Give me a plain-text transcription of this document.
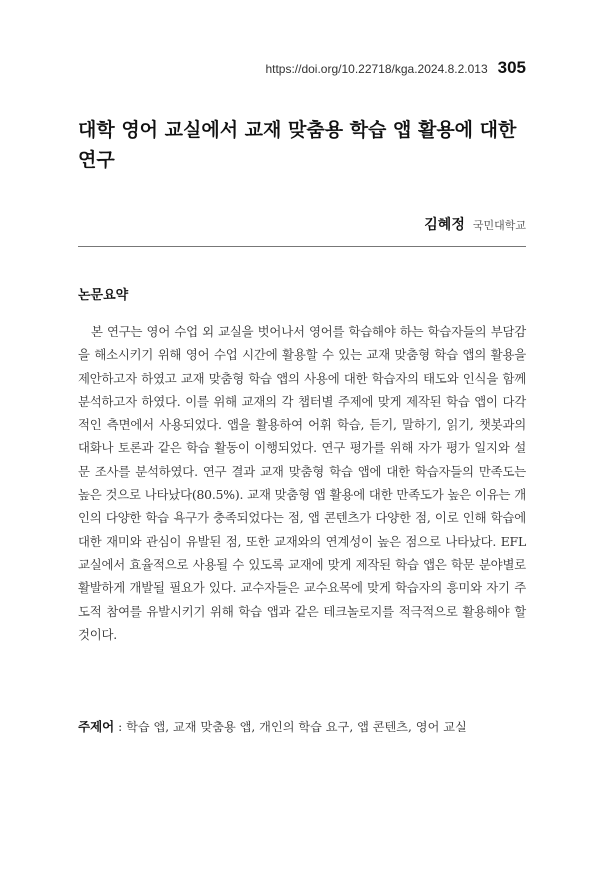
https://doi.org/10.22718/kga.2024.8.2.013 305
대학 영어 교실에서 교재 맞춤용 학습 앱 활용에 대한 연구
김혜정 국민대학교
논문요약

본 연구는 영어 수업 외 교실을 벗어나서 영어를 학습해야 하는 학습자들의 부담감을 해소시키기 위해 영어 수업 시간에 활용할 수 있는 교재 맞춤형 학습 앱의 활용을 제안하고자 하였고 교재 맞춤형 학습 앱의 사용에 대한 학습자의 태도와 인식을 함께 분석하고자 하였다. 이를 위해 교재의 각 챕터별 주제에 맞게 제작된 학습 앱이 다각적인 측면에서 사용되었다. 앱을 활용하여 어휘 학습, 듣기, 말하기, 읽기, 챗봇과의 대화나 토론과 같은 학습 활동이 이행되었다. 연구 평가를 위해 자가 평가 일지와 설문 조사를 분석하였다. 연구 결과 교재 맞춤형 학습 앱에 대한 학습자들의 만족도는 높은 것으로 나타났다(80.5%). 교재 맞춤형 앱 활용에 대한 만족도가 높은 이유는 개인의 다양한 학습 욕구가 충족되었다는 점, 앱 콘텐츠가 다양한 점, 이로 인해 학습에 대한 재미와 관심이 유발된 점, 또한 교재와의 연계성이 높은 점으로 나타났다. EFL 교실에서 효율적으로 사용될 수 있도록 교재에 맞게 제작된 학습 앱은 학문 분야별로 활발하게 개발될 필요가 있다. 교수자들은 교수요목에 맞게 학습자의 흥미와 자기 주도적 참여를 유발시키기 위해 학습 앱과 같은 테크놀로지를 적극적으로 활용해야 할 것이다.

주제어 : 학습 앱, 교재 맞춤용 앱, 개인의 학습 요구, 앱 콘텐츠, 영어 교실
